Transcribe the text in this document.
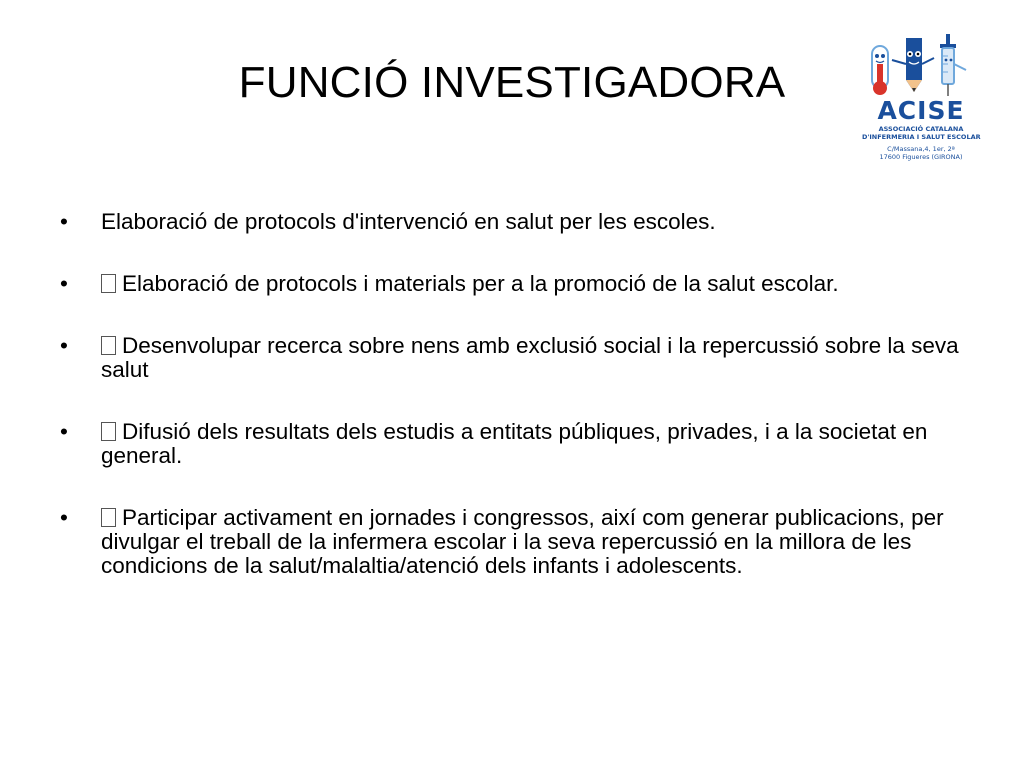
FUNCIÓ INVESTIGADORA
ACISE
ASSOCIACIÓ CATALANA
D'INFERMERIA I SALUT ESCOLAR
C/Massana,4, 1er, 2ª
17600 Figueres (GIRONA)
• Elaboració de protocols d'intervenció en salut per les escoles.
• Elaboració de protocols i materials per a la promoció de la salut escolar.
• Desenvolupar recerca sobre nens amb exclusió social i la repercussió sobre la seva salut
• Difusió dels resultats dels estudis a entitats públiques, privades, i a la societat en general.
• Participar activament en jornades i congressos, així com generar publicacions, per divulgar el treball de la infermera escolar i la seva repercussió en la millora de les condicions de la salut/malaltia/atenció dels infants i adolescents.
